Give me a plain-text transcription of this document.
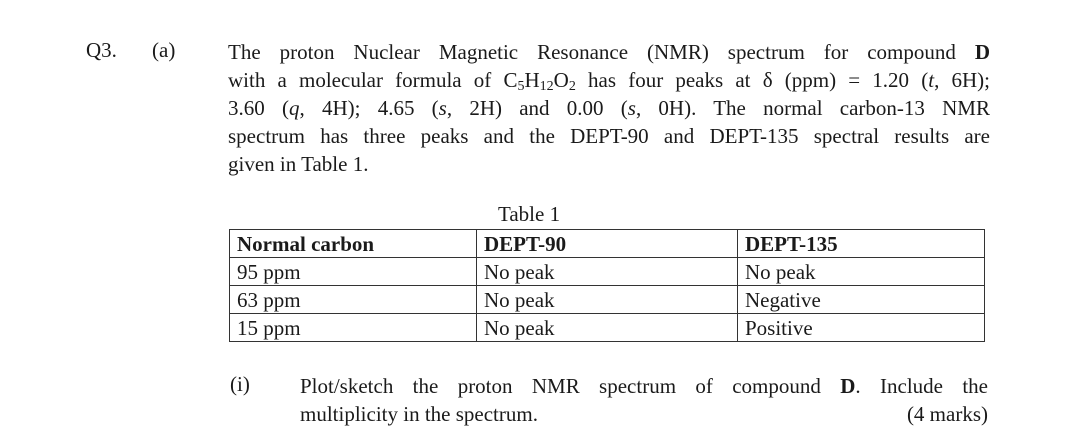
Q3. (a)	The proton Nuclear Magnetic Resonance (NMR) spectrum for compound D
with a molecular formula of $C_5H_{12}O_2$ has four peaks at δ (ppm) = 1.20 (t, 6H);
3.60 (q, 4H); 4.65 (s, 2H) and 0.00 (s, 0H). The normal carbon-13 NMR
spectrum has three peaks and the DEPT-90 and DEPT-135 spectral results are
given in Table 1.
Table 1
Normal carbon	DEPT-90	DEPT-135
95 ppm	No peak	No peak
63 ppm	No peak	Negative
15 ppm	No peak	Positive
(i) Plot/sketch the proton NMR spectrum of compound D. Include the
multiplicity in the spectrum.	(4 marks)
